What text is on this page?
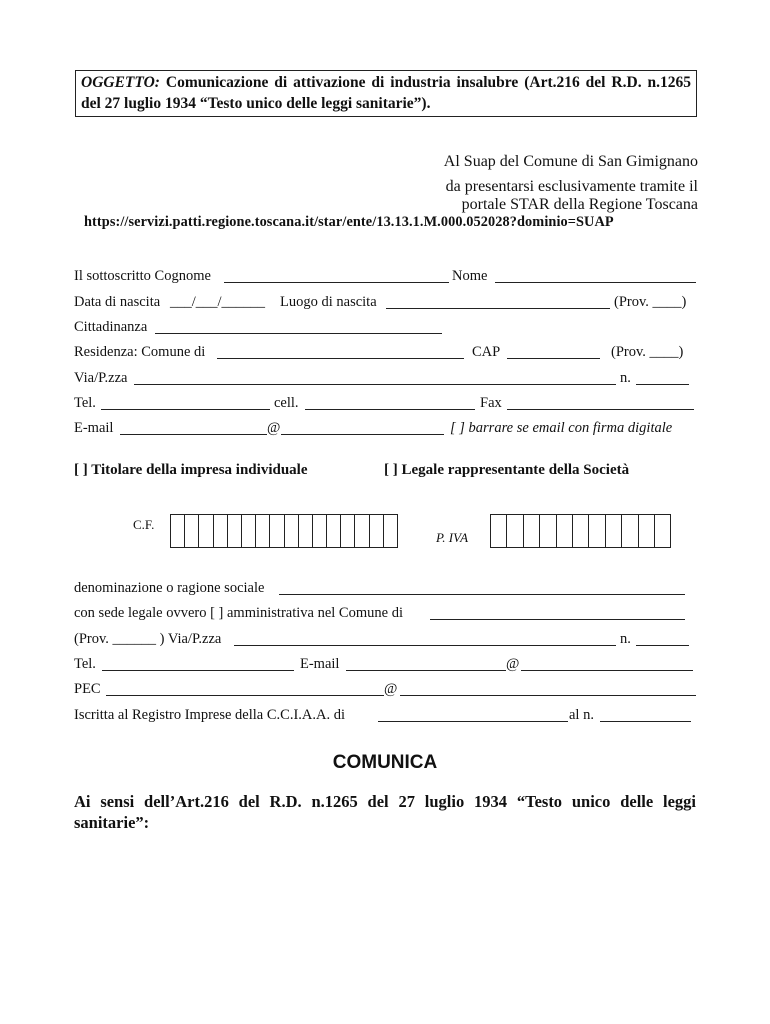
OGGETTO: Comunicazione di attivazione di industria insalubre (Art.216 del R.D. n.1265 del 27 luglio 1934 “Testo unico delle leggi sanitarie”).
Al Suap del Comune di San Gimignano
da presentarsi esclusivamente tramite il
portale STAR della Regione Toscana
https://servizi.patti.regione.toscana.it/star/ente/13.13.1.M.000.052028?dominio=SUAP
Il sottoscritto Cognome	Nome
Data di nascita ___/___/______ Luogo di nascita	(Prov. ____)
Cittadinanza
Residenza: Comune di	CAP	(Prov. ____)
Via/P.zza	n.
Tel.	cell.	Fax
E-mail	@	[ ] barrare se email con firma digitale
[ ] Titolare della impresa individuale	[ ] Legale rappresentante della Società
C.F.
P. IVA
denominazione o ragione sociale
con sede legale ovvero [ ] amministrativa nel Comune di
(Prov. ______ ) Via/P.zza	n.
Tel.	E-mail	@
PEC	@
Iscritta al Registro Imprese della C.C.I.A.A. di	al n.
COMUNICA
Ai sensi dell’Art.216 del R.D. n.1265 del 27 luglio 1934 “Testo unico delle leggi sanitarie”:
